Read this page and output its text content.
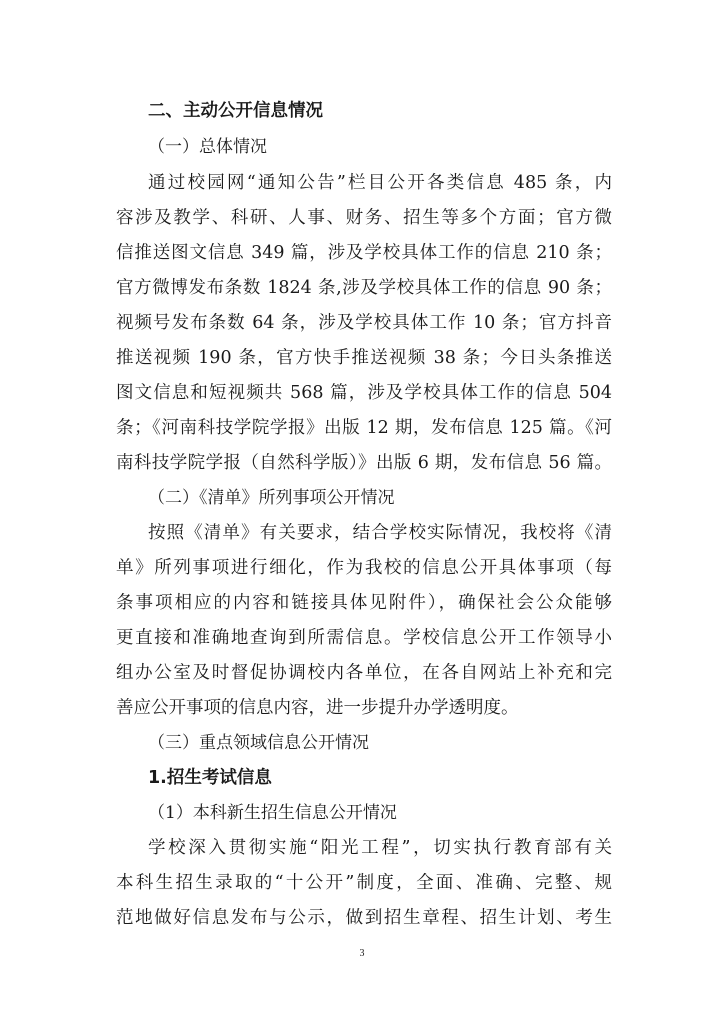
二、主动公开信息情况
（一）总体情况
通过校园网“通知公告”栏目公开各类信息 485 条，内
容涉及教学、科研、人事、财务、招生等多个方面；官方微
信推送图文信息 349 篇，涉及学校具体工作的信息 210 条；
官方微博发布条数 1824 条,涉及学校具体工作的信息 90 条；
视频号发布条数 64 条，涉及学校具体工作 10 条；官方抖音
推送视频 190 条，官方快手推送视频 38 条；今日头条推送
图文信息和短视频共 568 篇，涉及学校具体工作的信息 504
条；《河南科技学院学报》出版 12 期，发布信息 125 篇。《河
南科技学院学报（自然科学版）》出版 6 期，发布信息 56 篇。
（二）《清单》所列事项公开情况
按照《清单》有关要求，结合学校实际情况，我校将《清
单》所列事项进行细化，作为我校的信息公开具体事项（每
条事项相应的内容和链接具体见附件），确保社会公众能够
更直接和准确地查询到所需信息。学校信息公开工作领导小
组办公室及时督促协调校内各单位，在各自网站上补充和完
善应公开事项的信息内容，进一步提升办学透明度。
（三）重点领域信息公开情况
1.招生考试信息
（1）本科新生招生信息公开情况
学校深入贯彻实施“阳光工程”，切实执行教育部有关
本科生招生录取的“十公开”制度，全面、准确、完整、规
范地做好信息发布与公示，做到招生章程、招生计划、考生
3
